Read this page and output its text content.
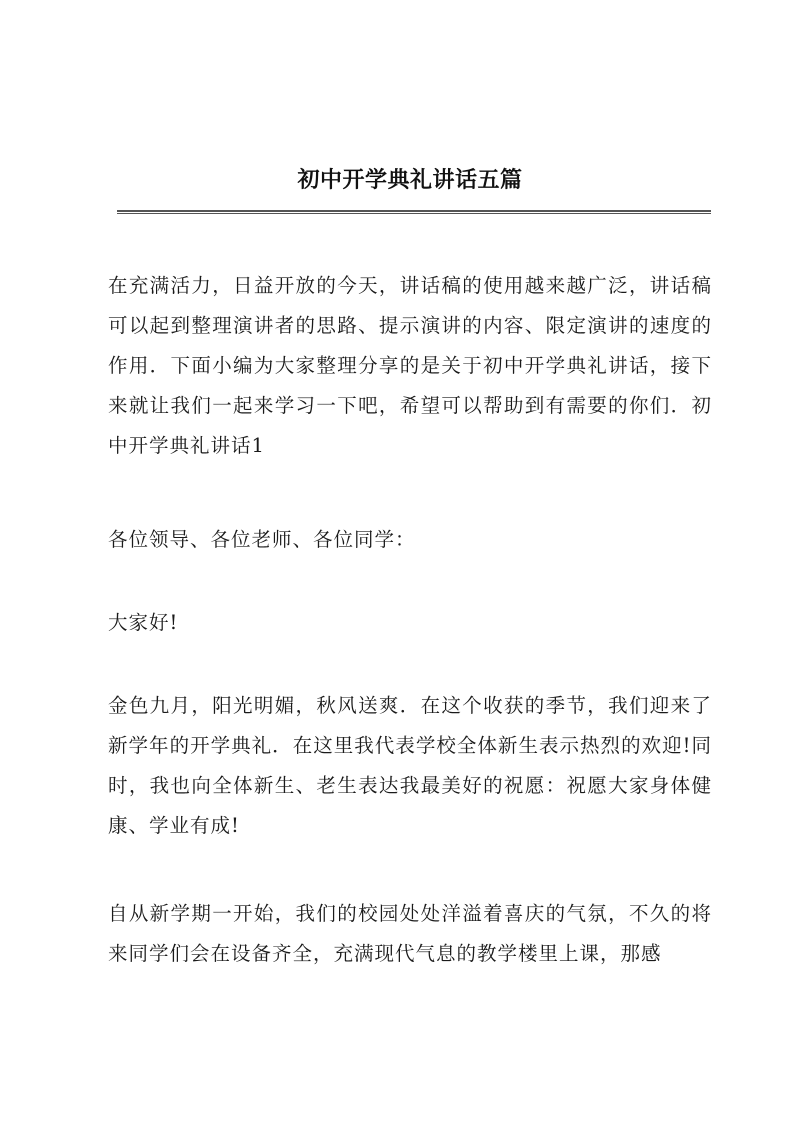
初中开学典礼讲话五篇
在充满活力，日益开放的今天，讲话稿的使用越来越广泛，讲话稿可以起到整理演讲者的思路、提示演讲的内容、限定演讲的速度的作用．下面小编为大家整理分享的是关于初中开学典礼讲话，接下来就让我们一起来学习一下吧，希望可以帮助到有需要的你们．初中开学典礼讲话1
各位领导、各位老师、各位同学：
大家好!
金色九月，阳光明媚，秋风送爽．在这个收获的季节，我们迎来了新学年的开学典礼．在这里我代表学校全体新生表示热烈的欢迎!同时，我也向全体新生、老生表达我最美好的祝愿：祝愿大家身体健康、学业有成!
自从新学期一开始，我们的校园处处洋溢着喜庆的气氛，不久的将来同学们会在设备齐全，充满现代气息的教学楼里上课，那感
